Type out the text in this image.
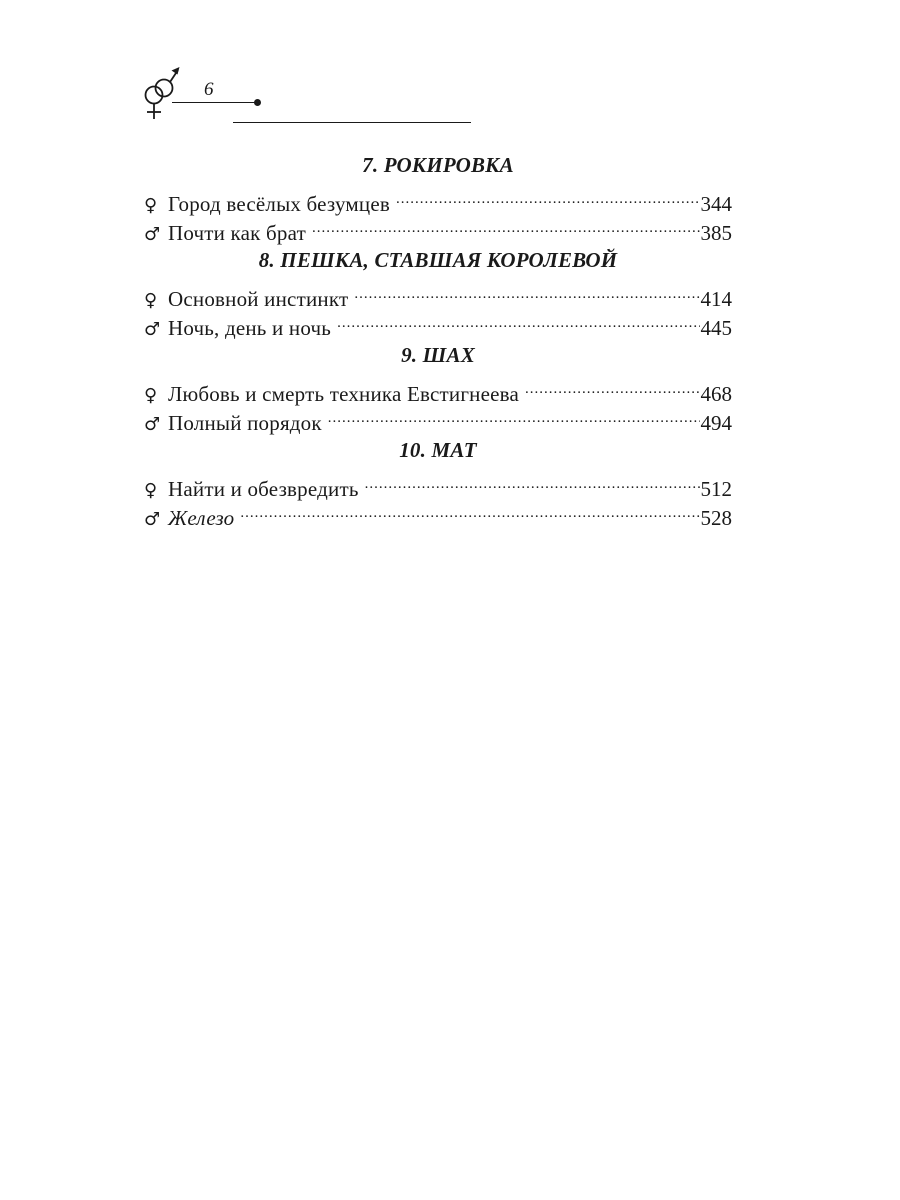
6
7. РОКИРОВКА
♀ Город весёлых безумцев .....	344
♂ Почти как брат .....	385
8. ПЕШКА, СТАВШАЯ КОРОЛЕВОЙ
♀ Основной инстинкт .....	414
♂ Ночь, день и ночь .....	445
9. ШАХ
♀ Любовь и смерть техника Евстигнеева .....	468
♂ Полный порядок .....	494
10. МАТ
♀ Найти и обезвредить .....	512
♂ Железо .....	528
